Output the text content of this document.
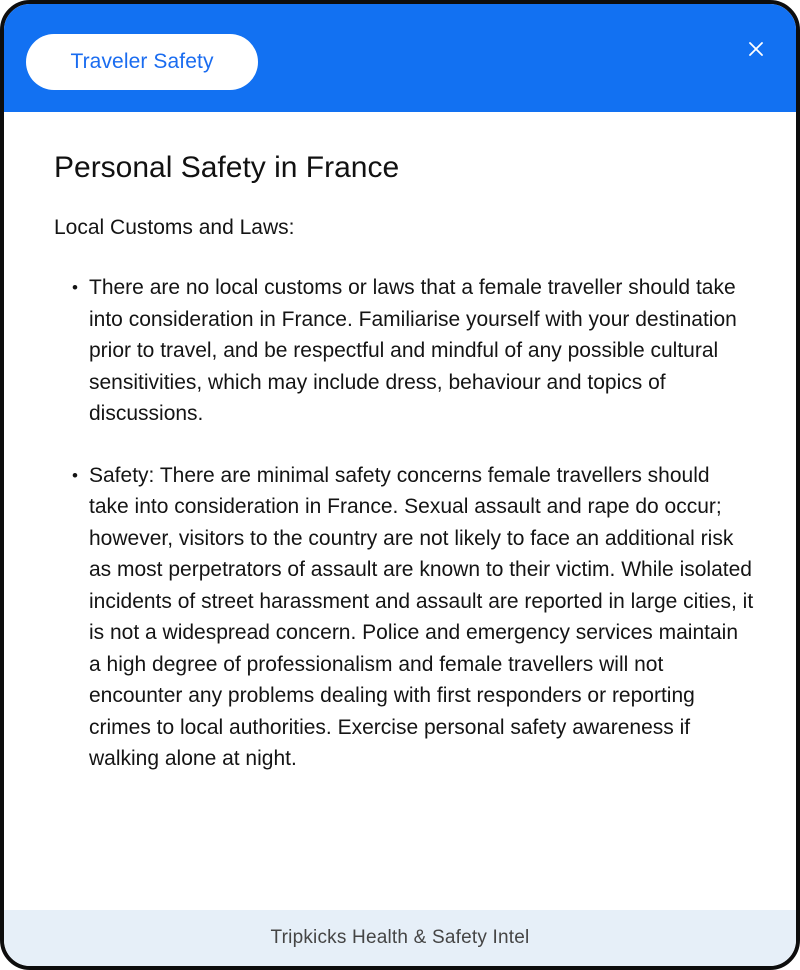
Traveler Safety
Personal Safety in France

Local Customs and Laws:

• There are no local customs or laws that a female traveller should take into consideration in France. Familiarise yourself with your destination prior to travel, and be respectful and mindful of any possible cultural sensitivities, which may include dress, behaviour and topics of discussions.
• Safety: There are minimal safety concerns female travellers should take into consideration in France. Sexual assault and rape do occur; however, visitors to the country are not likely to face an additional risk as most perpetrators of assault are known to their victim. While isolated incidents of street harassment and assault are reported in large cities, it is not a widespread concern. Police and emergency services maintain a high degree of professionalism and female travellers will not encounter any problems dealing with first responders or reporting crimes to local authorities. Exercise personal safety awareness if walking alone at night.
Tripkicks Health & Safety Intel
